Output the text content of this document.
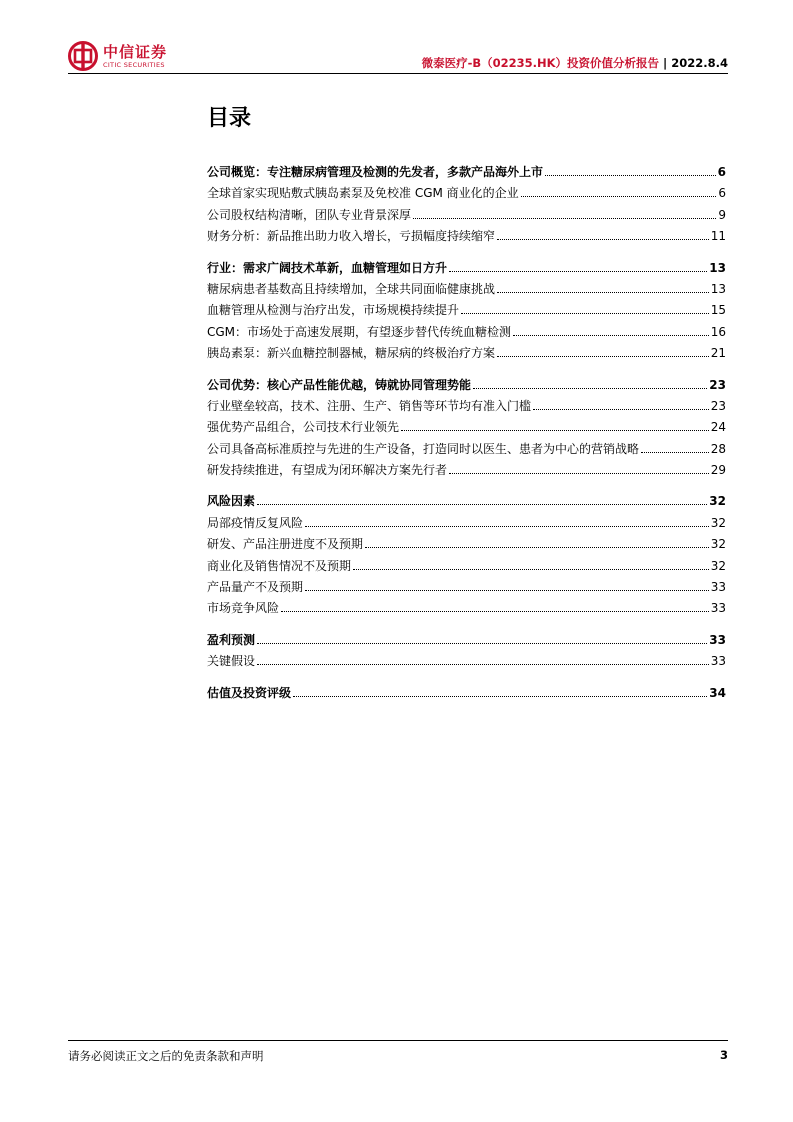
中信证券
CITIC SECURITIES	微泰医疗-B（02235.HK）投资价值分析报告 | 2022.8.4
目录
公司概览：专注糖尿病管理及检测的先发者，多款产品海外上市	6
全球首家实现贴敷式胰岛素泵及免校准 CGM 商业化的企业	6
公司股权结构清晰，团队专业背景深厚	9
财务分析：新品推出助力收入增长，亏损幅度持续缩窄	11
行业：需求广阔技术革新，血糖管理如日方升	13
糖尿病患者基数高且持续增加，全球共同面临健康挑战	13
血糖管理从检测与治疗出发，市场规模持续提升	15
CGM：市场处于高速发展期，有望逐步替代传统血糖检测	16
胰岛素泵：新兴血糖控制器械，糖尿病的终极治疗方案	21
公司优势：核心产品性能优越，铸就协同管理势能	23
行业壁垒较高，技术、注册、生产、销售等环节均有准入门槛	23
强优势产品组合，公司技术行业领先	24
公司具备高标准质控与先进的生产设备，打造同时以医生、患者为中心的营销战略	28
研发持续推进，有望成为闭环解决方案先行者	29
风险因素	32
局部疫情反复风险	32
研发、产品注册进度不及预期	32
商业化及销售情况不及预期	32
产品量产不及预期	33
市场竞争风险	33
盈利预测	33
关键假设	33
估值及投资评级	34
请务必阅读正文之后的免责条款和声明	3
